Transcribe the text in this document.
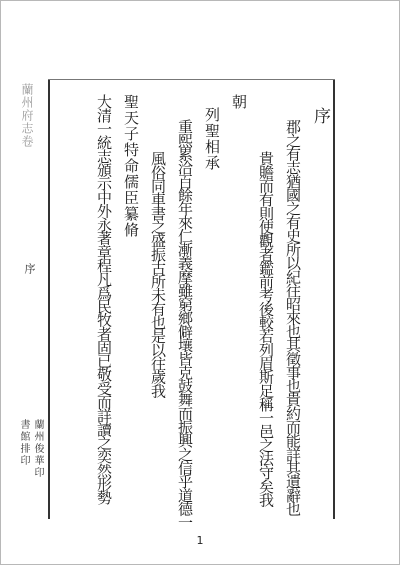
蘭州府志卷
序
蘭州俊華印
書館排印
序
郡之有志猶國之有史所以紀往昭來也其徵事也貴約而能詳其遺辭也
貴贍而有則使觀者鑑前考後較若列眉斯足稱一邑之法守矣我
朝
列聖相承
重熙累洽百餘年來仁漸義摩雖窮鄉僻壤皆克鼓舞而振興之信乎道德一
風俗同車書之盛振古所未有也是以往歲我
聖天子特命儒臣纂脩
大清一統志頒示中外永著章程凡爲民牧者固已敬受而詳讀之奕然形勢
1
